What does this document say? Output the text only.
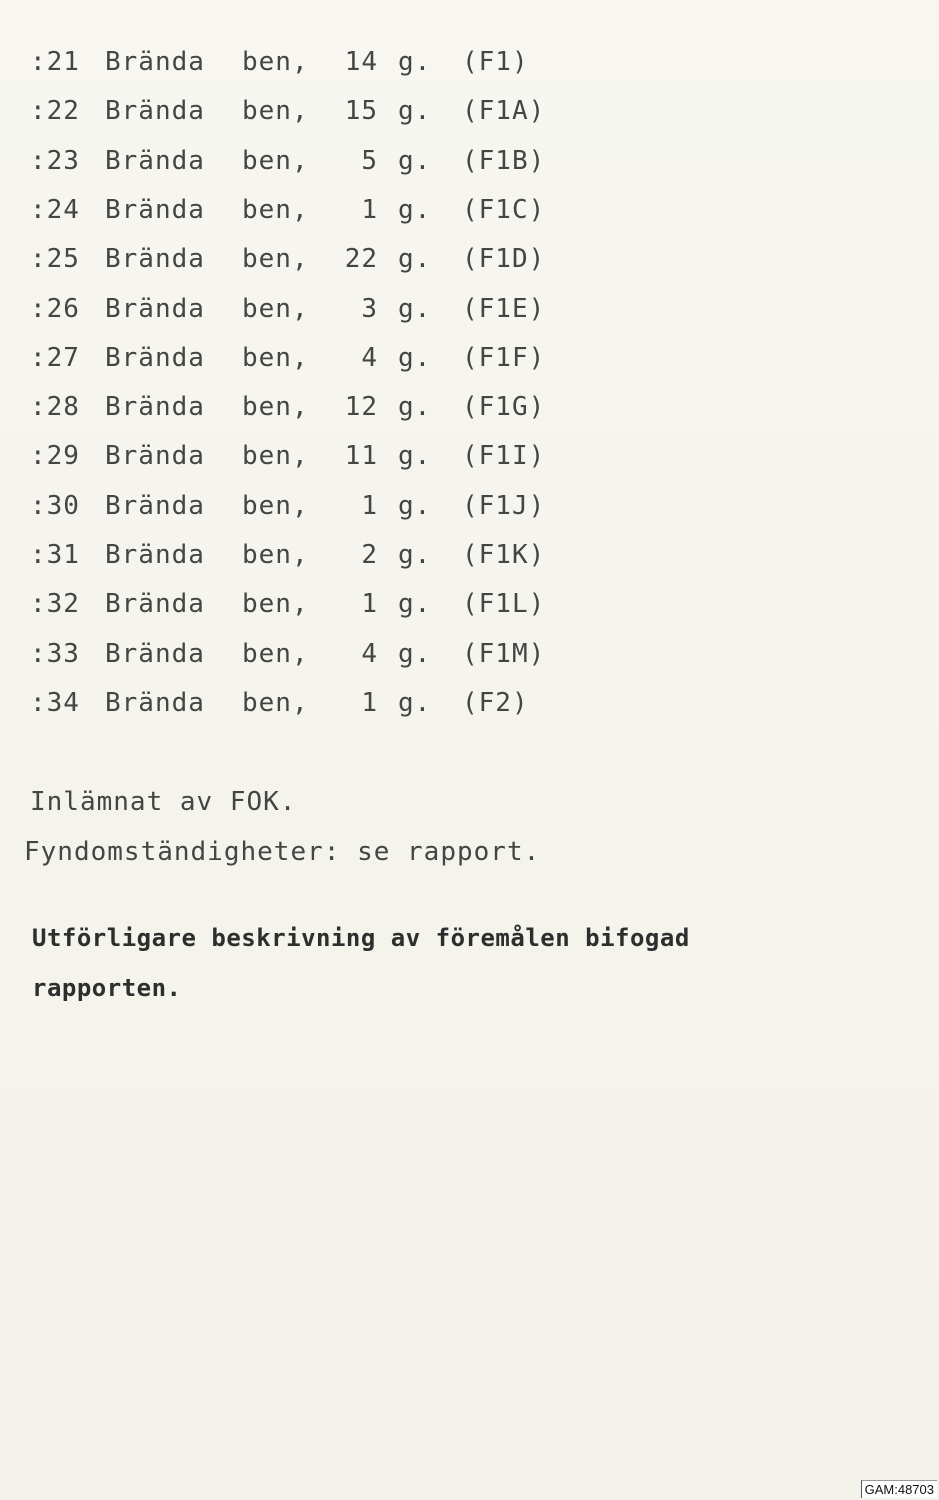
:21 Brända ben, 14 g. (F1)
:22 Brända ben, 15 g. (F1A)
:23 Brända ben,	5 g. (F1B)
:24 Brända ben,	1 g. (F1C)
:25 Brända ben, 22 g. (F1D)
:26 Brända ben,	3 g. (F1E)
:27 Brända ben,	4 g. (F1F)
:28 Brända ben, 12 g. (F1G)
:29 Brända ben, 11 g. (F1I)
:30 Brända ben,	1 g. (F1J)
:31 Brända ben,	2 g. (F1K)
:32 Brända ben,	1 g. (F1L)
:33 Brända ben,	4 g. (F1M)
:34 Brända ben,	1 g. (F2)
Inlämnat av FOK.
Fyndomständigheter: se rapport.
Utförligare beskrivning av föremålen bifogad
rapporten.
GAM:48703
